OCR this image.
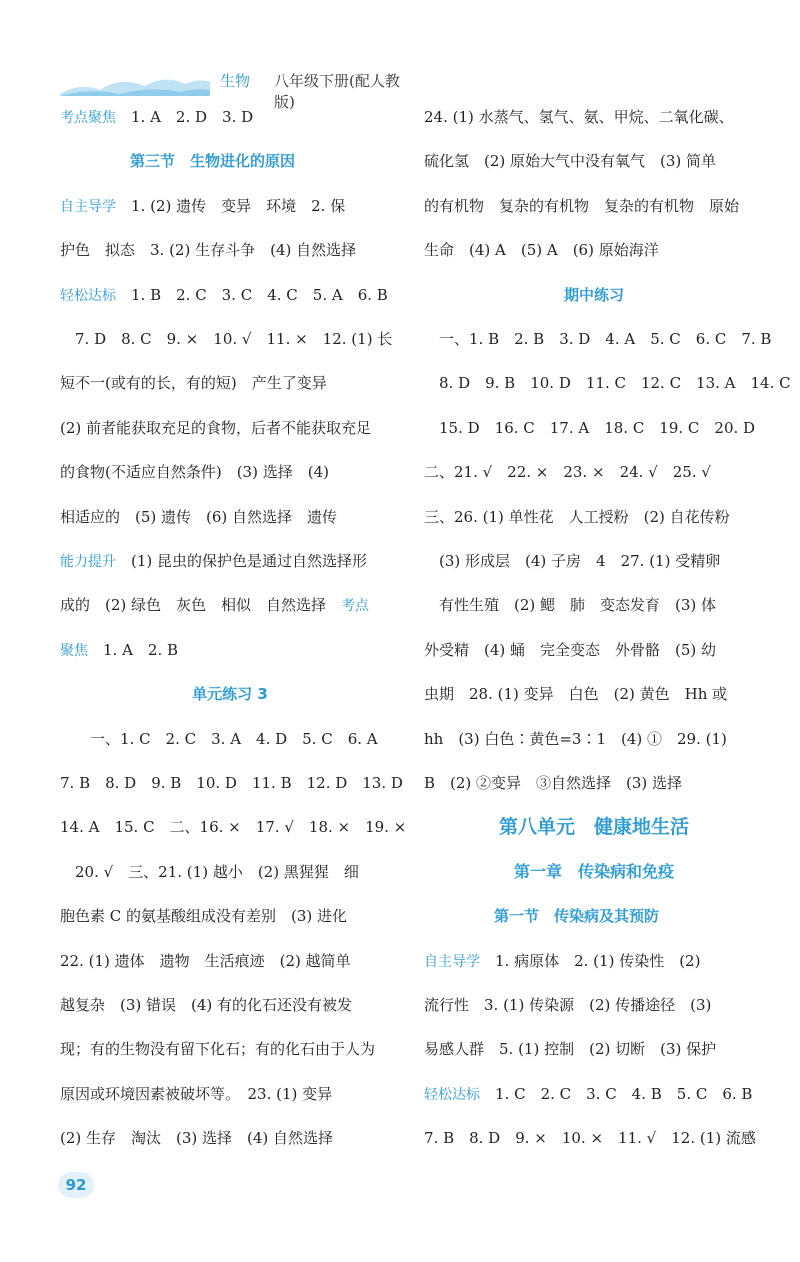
生物 八年级下册(配人教版)
考点聚焦　 1. A　2. D　3. D
第三节　生物进化的原因
自主导学　 1. (2) 遗传　变异　环境　2. 保
护色　拟态　3. (2) 生存斗争　(4) 自然选择
轻松达标　 1. B　2. C　3. C　4. C　5. A　6. B
　7. D　8. C　9. ×　10. √　11. ×　12. (1) 长
短不一(或有的长，有的短)　产生了变异
(2) 前者能获取充足的食物，后者不能获取充足
的食物(不适应自然条件)　(3) 选择　(4)
相适应的　(5) 遗传　(6) 自然选择　遗传
能力提升　 (1) 昆虫的保护色是通过自然选择形
成的　(2) 绿色　灰色　相似　自然选择　 考点
聚焦　 1. A　2. B
单元练习 3
　　一、1. C　2. C　3. A　4. D　5. C　6. A
7. B　8. D　9. B　10. D　11. B　12. D　13. D
14. A　15. C　二、16. ×　17. √　18. ×　19. ×
　20. √　三、21. (1) 越小　(2) 黑猩猩　细
胞色素 C 的氨基酸组成没有差别　(3) 进化
22. (1) 遗体　遗物　生活痕迹　(2) 越简单
越复杂　(3) 错误　(4) 有的化石还没有被发
现；有的生物没有留下化石；有的化石由于人为
原因或环境因素被破坏等。　23. (1) 变异
(2) 生存　淘汰　(3) 选择　(4) 自然选择
24. (1) 水蒸气、氢气、氨、甲烷、二氧化碳、
硫化氢　(2) 原始大气中没有氧气　(3) 简单
的有机物　复杂的有机物　复杂的有机物　原始
生命　(4) A　(5) A　(6) 原始海洋
期中练习
　一、1. B　2. B　3. D　4. A　5. C　6. C　7. B
　8. D　9. B　10. D　11. C　12. C　13. A　14. C
　15. D　16. C　17. A　18. C　19. C　20. D
二、21. √　22. ×　23. ×　24. √　25. √
三、26. (1) 单性花　人工授粉　(2) 自花传粉
　(3) 形成层　(4) 子房　4　27. (1) 受精卵
　有性生殖　(2) 鳃　肺　变态发育　(3) 体
外受精　(4) 蛹　完全变态　外骨骼　(5) 幼
虫期　28. (1) 变异　白色　(2) 黄色　Hh 或
hh　(3) 白色∶黄色=3∶1　(4) ①　29. (1)
B　(2) ②变异　③自然选择　(3) 选择
第八单元　健康地生活
第一章　传染病和免疫
第一节　传染病及其预防
自主导学　 1. 病原体　2. (1) 传染性　(2)
流行性　3. (1) 传染源　(2) 传播途径　(3)
易感人群　5. (1) 控制　(2) 切断　(3) 保护
轻松达标　 1. C　2. C　3. C　4. B　5. C　6. B
7. B　8. D　9. ×　10. ×　11. √　12. (1) 流感
92
